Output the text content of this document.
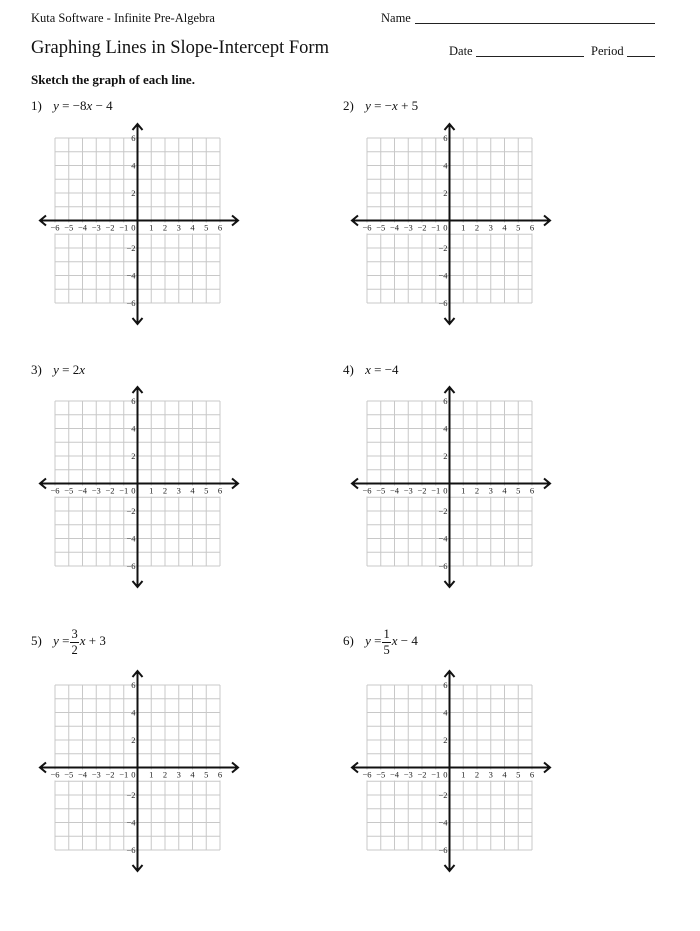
Kuta Software - Infinite Pre-Algebra	Name
Graphing Lines in Slope-Intercept Form	Date	Period
Sketch the graph of each line.
1) y = −8x − 4	2) y = −x + 5
3) y = 2x	4) x = −4
5) $y = \frac{3}{2}$ x + 3	6) $y = \frac{1}{5}$ x − 4
−6 −5 −4 −3 −2 −1 0 1 2 3 4 5 6
6
4
2
−2
−4
−6
−6 −5 −4 −3 −2 −1 0 1 2 3 4 5 6
6
4
2
−2
−4
−6
−6 −5 −4 −3 −2 −1 0 1 2 3 4 5 6
6
4
2
−2
−4
−6
−6 −5 −4 −3 −2 −1 0 1 2 3 4 5 6
6
4
2
−2
−4
−6
−6 −5 −4 −3 −2 −1 0 1 2 3 4 5 6
6
4
2
−2
−4
−6
−6 −5 −4 −3 −2 −1 0 1 2 3 4 5 6
6
4
2
−2
−4
−6
